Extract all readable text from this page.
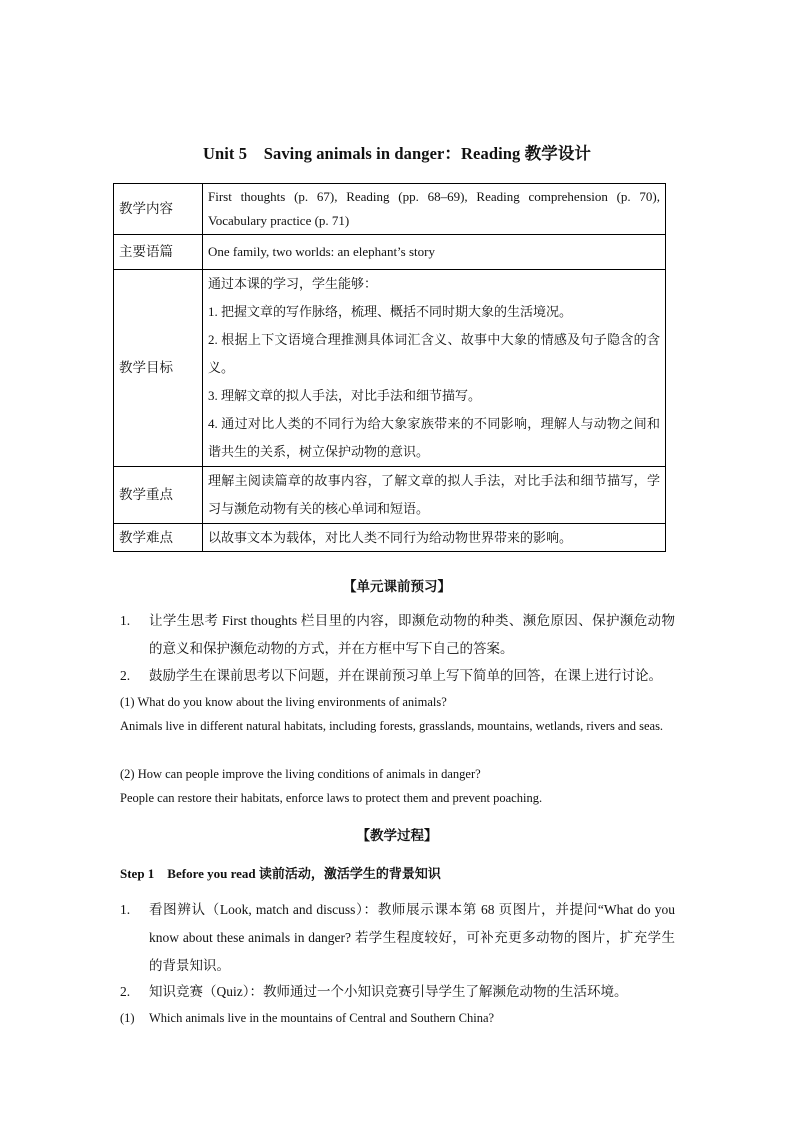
Unit 5　Saving animals in danger：Reading 教学设计
教学内容	First thoughts (p. 67), Reading (pp. 68–69), Reading comprehension (p. 70), Vocabulary practice (p. 71)
主要语篇	One family, two worlds: an elephant’s story
教学目标	通过本课的学习，学生能够：
1. 把握文章的写作脉络，梳理、概括不同时期大象的生活境况。
2. 根据上下文语境合理推测具体词汇含义、故事中大象的情感及句子隐含的含义。
3. 理解文章的拟人手法，对比手法和细节描写。
4. 通过对比人类的不同行为给大象家族带来的不同影响，理解人与动物之间和谐共生的关系，树立保护动物的意识。

教学重点	理解主阅读篇章的故事内容，了解文章的拟人手法，对比手法和细节描写，学习与濒危动物有关的核心单词和短语。
教学难点	以故事文本为载体，对比人类不同行为给动物世界带来的影响。
【单元课前预习】
1. 让学生思考 First thoughts 栏目里的内容，即濒危动物的种类、濒危原因、保护濒危动物的意义和保护濒危动物的方式，并在方框中写下自己的答案。
2. 鼓励学生在课前思考以下问题，并在课前预习单上写下简单的回答，在课上进行讨论。
(1) What do you know about the living environments of animals?
Animals live in different natural habitats, including forests, grasslands, mountains, wetlands, rivers and seas.
(2) How can people improve the living conditions of animals in danger?
People can restore their habitats, enforce laws to protect them and prevent poaching.
【教学过程】
Step 1　Before you read 读前活动，激活学生的背景知识
1. 看图辨认（Look, match and discuss）：教师展示课本第 68 页图片，并提问“What do you know about these animals in danger? 若学生程度较好，可补充更多动物的图片，扩充学生的背景知识。
2. 知识竞赛（Quiz）：教师通过一个小知识竞赛引导学生了解濒危动物的生活环境。
(1) Which animals live in the mountains of Central and Southern China?
